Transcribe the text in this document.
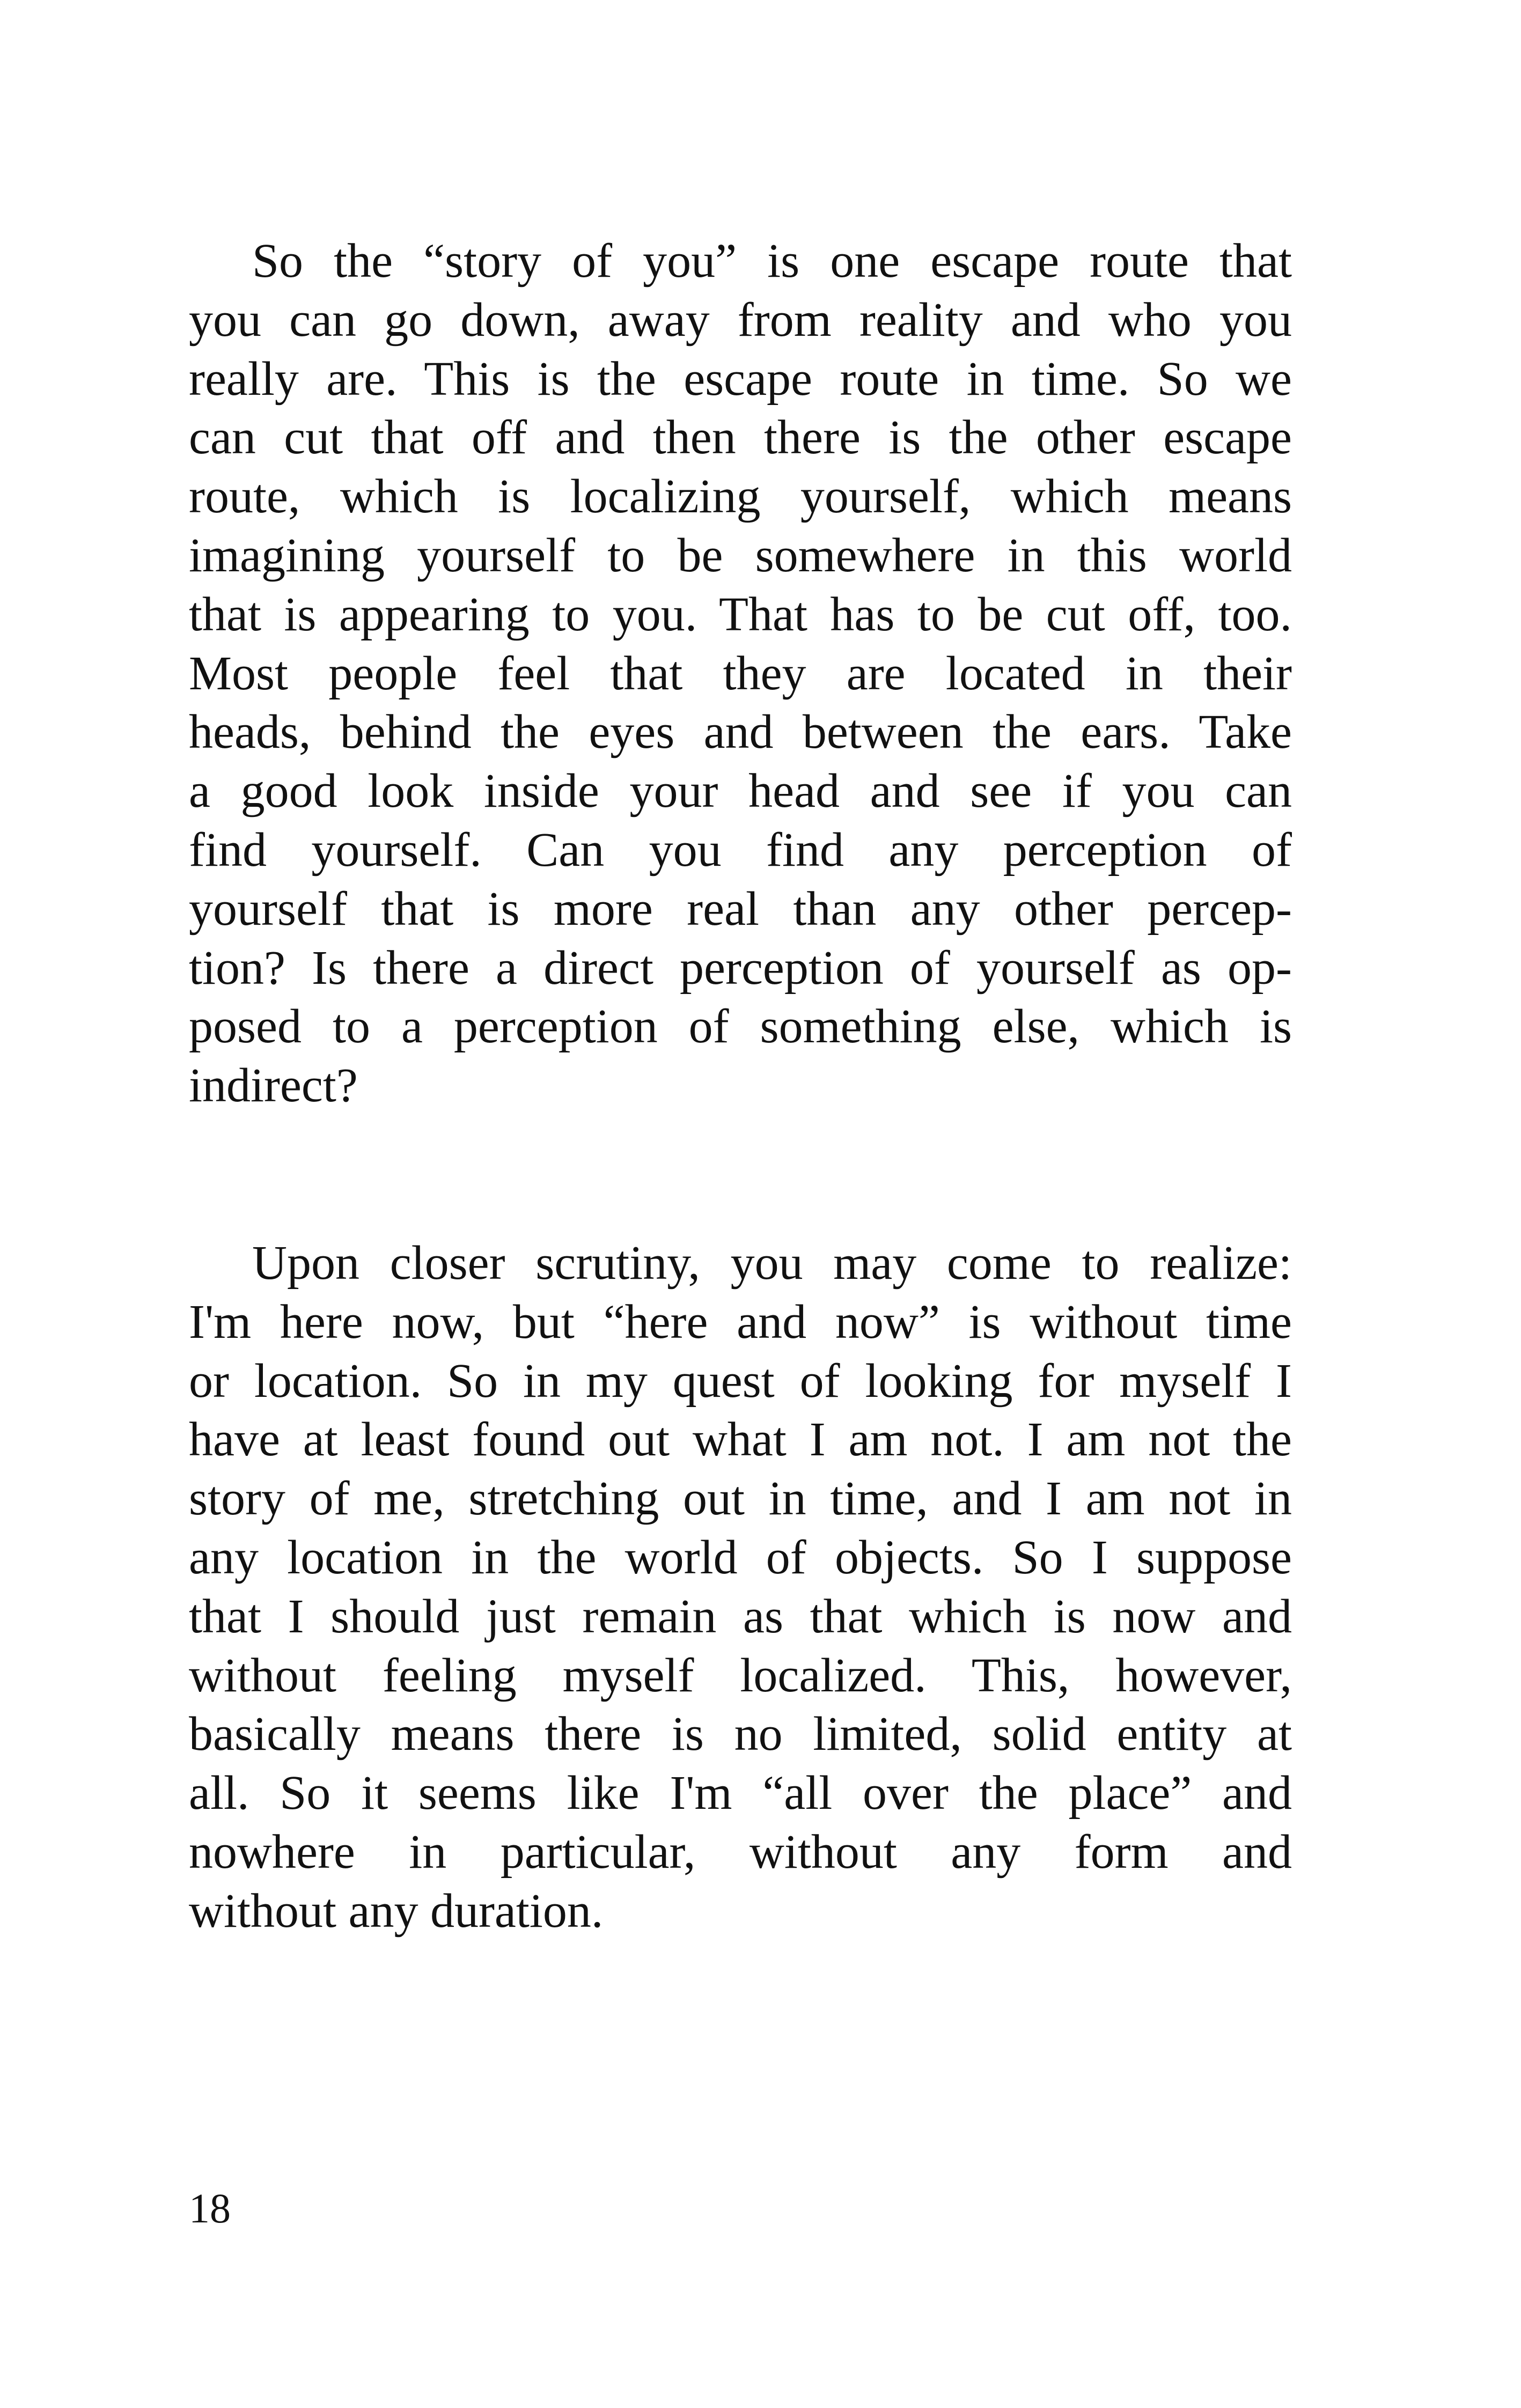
So the “story of you” is one escape route that
you can go down, away from reality and who you
really are. This is the escape route in time. So we
can cut that off and then there is the other escape
route, which is localizing yourself, which means
imagining yourself to be somewhere in this world
that is appearing to you. That has to be cut off, too.
Most people feel that they are located in their
heads, behind the eyes and between the ears. Take
a good look inside your head and see if you can
find yourself. Can you find any perception of
yourself that is more real than any other percep-
tion? Is there a direct perception of yourself as op-
posed to a perception of something else, which is
indirect?
Upon closer scrutiny, you may come to realize:
I'm here now, but “here and now” is without time
or location. So in my quest of looking for myself I
have at least found out what I am not. I am not the
story of me, stretching out in time, and I am not in
any location in the world of objects. So I suppose
that I should just remain as that which is now and
without feeling myself localized. This, however,
basically means there is no limited, solid entity at
all. So it seems like I'm “all over the place” and
nowhere in particular, without any form and
without any duration.
18
